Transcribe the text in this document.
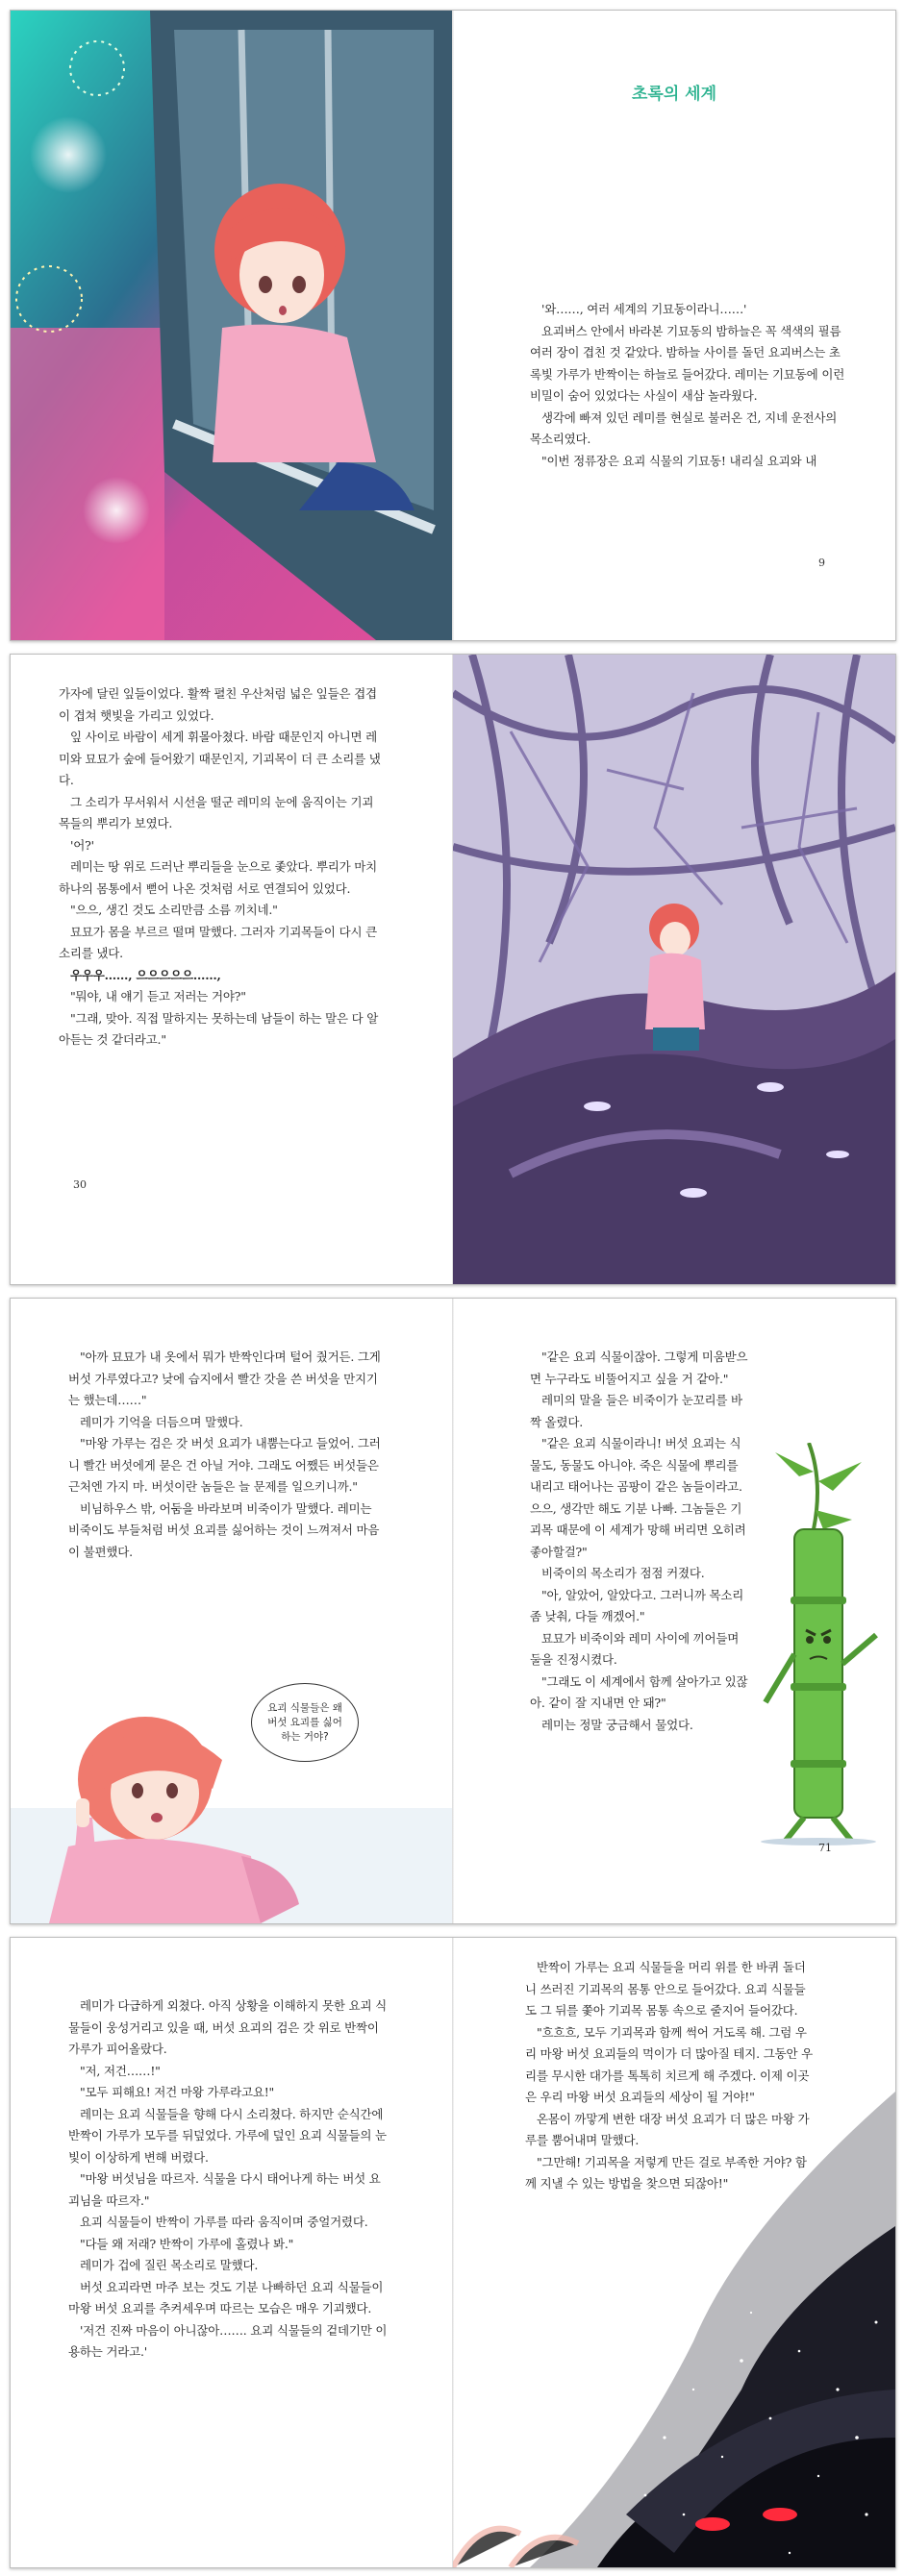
초록의 세계

'와……, 여러 세계의 기묘동이라니……'

요괴버스 안에서 바라본 기묘동의 밤하늘은 꼭 색색의 필름 여러 장이 겹친 것 같았다. 밤하늘 사이를 돌던 요괴버스는 초록빛 가루가 반짝이는 하늘로 들어갔다. 레미는 기묘동에 이런 비밀이 숨어 있었다는 사실이 새삼 놀라웠다.

생각에 빠져 있던 레미를 현실로 불러온 건, 지네 운전사의 목소리였다.

"이번 정류장은 요괴 식물의 기묘동! 내리실 요괴와 내

9

가자에 달린 잎들이었다. 활짝 펼친 우산처럼 넓은 잎들은 겹겹이 겹쳐 햇빛을 가리고 있었다.

잎 사이로 바람이 세게 휘몰아쳤다. 바람 때문인지 아니면 레미와 묘묘가 숲에 들어왔기 때문인지, 기괴목이 더 큰 소리를 냈다.

그 소리가 무서워서 시선을 떨군 레미의 눈에 움직이는 기괴목들의 뿌리가 보였다.

'어?'

레미는 땅 위로 드러난 뿌리들을 눈으로 좇았다. 뿌리가 마치 하나의 몸통에서 뻗어 나온 것처럼 서로 연결되어 있었다.

"으으, 생긴 것도 소리만큼 소름 끼치네."

묘묘가 몸을 부르르 떨며 말했다. 그러자 기괴목들이 다시 큰 소리를 냈다.

우우우……, 으으으으으……,

"뭐야, 내 얘기 듣고 저러는 거야?"

"그래, 맞아. 직접 말하지는 못하는데 남들이 하는 말은 다 알아듣는 것 같더라고."

30

"아까 묘묘가 내 옷에서 뭐가 반짝인다며 털어 줬거든. 그게 버섯 가루였다고? 낮에 습지에서 빨간 갓을 쓴 버섯을 만지기는 했는데……"

레미가 기억을 더듬으며 말했다.

"마왕 가루는 검은 갓 버섯 요괴가 내뿜는다고 들었어. 그러니 빨간 버섯에게 묻은 건 아닐 거야. 그래도 어쨌든 버섯들은 근처엔 가지 마. 버섯이란 놈들은 늘 문제를 일으키니까."

비님하우스 밖, 어둠을 바라보며 비죽이가 말했다. 레미는 비죽이도 부들처럼 버섯 요괴를 싫어하는 것이 느껴져서 마음이 불편했다.

요괴 식물들은 왜 버섯 요괴를 싫어하는 거야?

"같은 요괴 식물이잖아. 그렇게 미움받으면 누구라도 비뚤어지고 싶을 거 같아."

레미의 말을 들은 비죽이가 눈꼬리를 바짝 올렸다.

"같은 요괴 식물이라니! 버섯 요괴는 식물도, 동물도 아니야. 죽은 식물에 뿌리를 내리고 태어나는 곰팡이 같은 놈들이라고. 으으, 생각만 해도 기분 나빠. 그놈들은 기괴목 때문에 이 세계가 망해 버리면 오히려 좋아할걸?"

비죽이의 목소리가 점점 커졌다.

"아, 알았어, 알았다고. 그러니까 목소리 좀 낮춰, 다들 깨겠어."

묘묘가 비죽이와 레미 사이에 끼어들며 둘을 진정시켰다.

"그래도 이 세계에서 함께 살아가고 있잖아. 같이 잘 지내면 안 돼?"

레미는 정말 궁금해서 물었다.

71

레미가 다급하게 외쳤다. 아직 상황을 이해하지 못한 요괴 식물들이 웅성거리고 있을 때, 버섯 요괴의 검은 갓 위로 반짝이 가루가 피어올랐다.

"저, 저건……!"

"모두 피해요! 저건 마왕 가루라고요!"

레미는 요괴 식물들을 향해 다시 소리쳤다. 하지만 순식간에 반짝이 가루가 모두를 뒤덮었다. 가루에 덮인 요괴 식물들의 눈빛이 이상하게 변해 버렸다.

"마왕 버섯님을 따르자. 식물을 다시 태어나게 하는 버섯 요괴님을 따르자."

요괴 식물들이 반짝이 가루를 따라 움직이며 중얼거렸다.

"다들 왜 저래? 반짝이 가루에 홀렸나 봐."

레미가 겁에 질린 목소리로 말했다.

버섯 요괴라면 마주 보는 것도 기분 나빠하던 요괴 식물들이 마왕 버섯 요괴를 추켜세우며 따르는 모습은 매우 기괴했다.

'저건 진짜 마음이 아니잖아……. 요괴 식물들의 겉데기만 이용하는 거라고.'

반짝이 가루는 요괴 식물들을 머리 위를 한 바퀴 돌더니 쓰러진 기괴목의 몸통 안으로 들어갔다. 요괴 식물들도 그 뒤를 쫓아 기괴목 몸통 속으로 줄지어 들어갔다.

"흐흐흐, 모두 기괴목과 함께 썩어 거도록 해. 그럼 우리 마왕 버섯 요괴들의 먹이가 더 많아질 테지. 그동안 우리를 무시한 대가를 톡톡히 치르게 해 주겠다. 이제 이곳은 우리 마왕 버섯 요괴들의 세상이 될 거야!"

온몸이 까맣게 변한 대장 버섯 요괴가 더 많은 마왕 가루를 뿜어내며 말했다.

"그만해! 기괴목을 저렇게 만든 걸로 부족한 거야? 함께 지낼 수 있는 방법을 찾으면 되잖아!"
